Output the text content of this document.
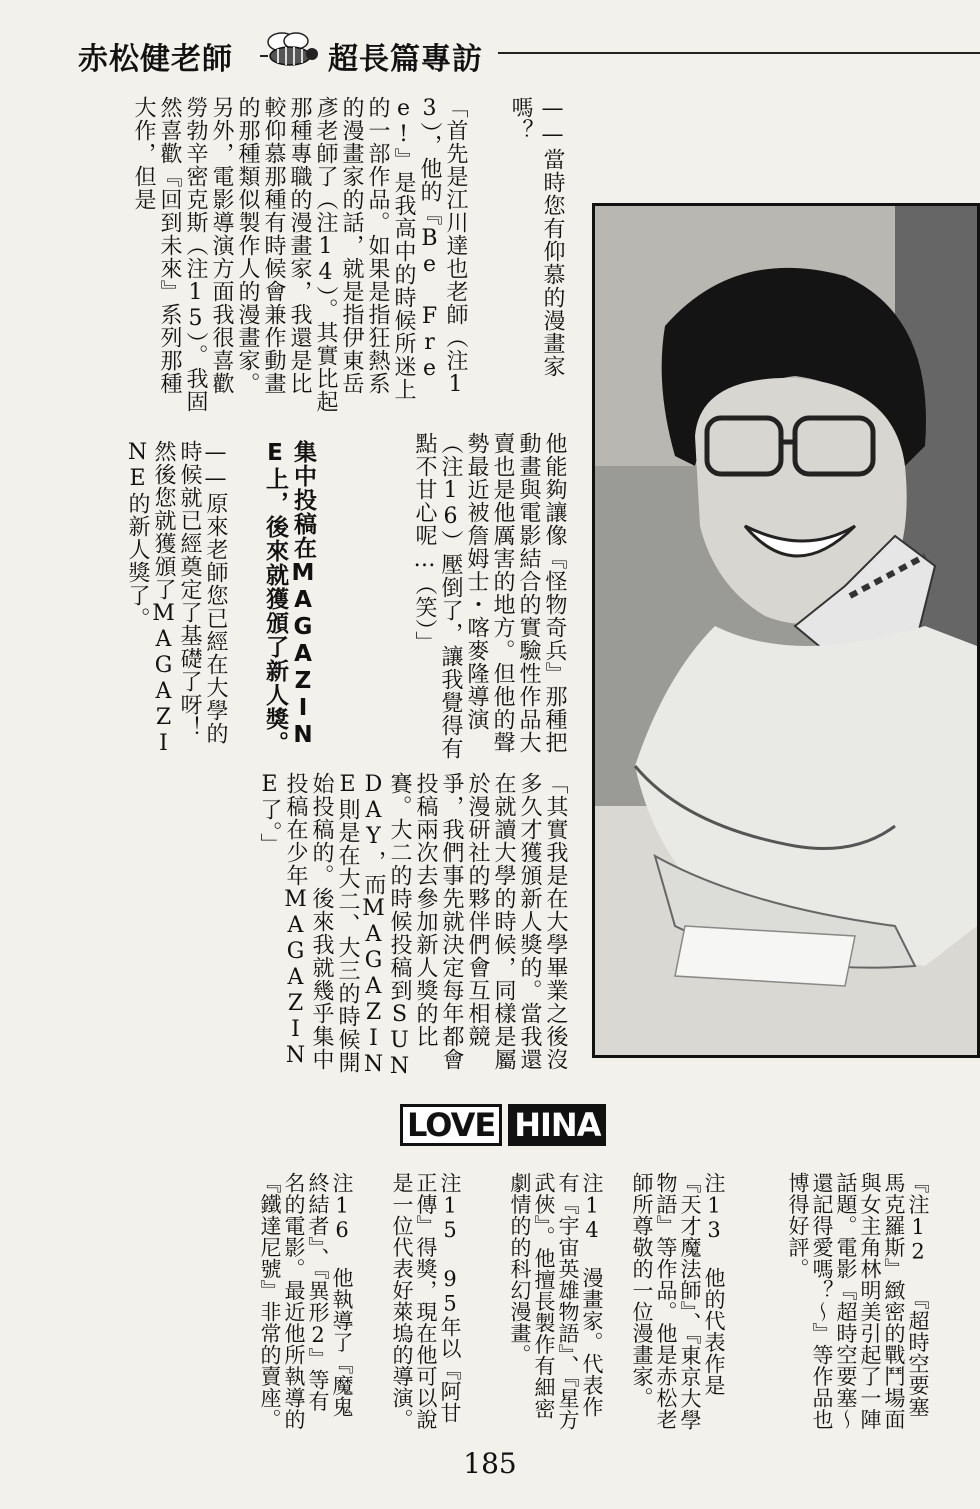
赤松健老師	超長篇專訪
——當時您有仰慕的漫畫家
嗎？
「首先是江川達也老師（注13），他的『Be Free!』是我高中的時候所迷上的一部作品。如果是指狂熱系的漫畫家的話，就是指伊東岳彥老師了（注14）。其實比起那種專職的漫畫家，我還是比較仰慕那種有時候會兼作動畫的那種類似製作人的漫畫家。另外，電影導演方面我很喜歡勞勃辛密克斯（注15）。我固然喜歡『回到未來』系列那種大作，但是
他能夠讓像『怪物奇兵』那種把動畫與電影結合的實驗性作品大賣也是他厲害的地方。但他的聲勢最近被詹姆士・喀麥隆導演（注16）壓倒了，讓我覺得有點不甘心呢…（笑）」
集中投稿在MAGAZINE上，後來就獲頒了新人獎。
——原來老師您已經在大學的時候就已經奠定了基礎了呀！然後您就獲頒了MAGAZINE的新人獎了。
「其實我是在大學畢業之後沒多久才獲頒新人獎的。當我還在就讀大學的時候，同樣是屬於漫研社的夥伴們會互相競爭，我們事先就決定每年都會投稿兩次去參加新人獎的比賽。大二的時候投稿到SUNDAY，而MAGAZINE則是在大二、大三的時候開始投稿的。後來我就幾乎集中投稿在少年MAGAZINE了。」
LOVE HINA
『注12 『超時空要塞馬克羅斯』緻密的戰鬥場面與女主角林明美引起了一陣話題。電影『超時空要塞〜還記得愛嗎？〜』等作品也博得好評。
注13 他的代表作是『天才魔法師』、『東京大學物語』等作品。他是赤松老師所尊敬的一位漫畫家。
注14 漫畫家。代表作有『宇宙英雄物語』、『星方武俠』。他擅長製作有細密劇情的的科幻漫畫。
注15 95年以『阿甘正傳』得獎，現在他可以說是一位代表好萊塢的導演。
注16 他執導了『魔鬼終結者』、『異形2』等有名的電影。最近他所執導的『鐵達尼號』非常的賣座。
185
